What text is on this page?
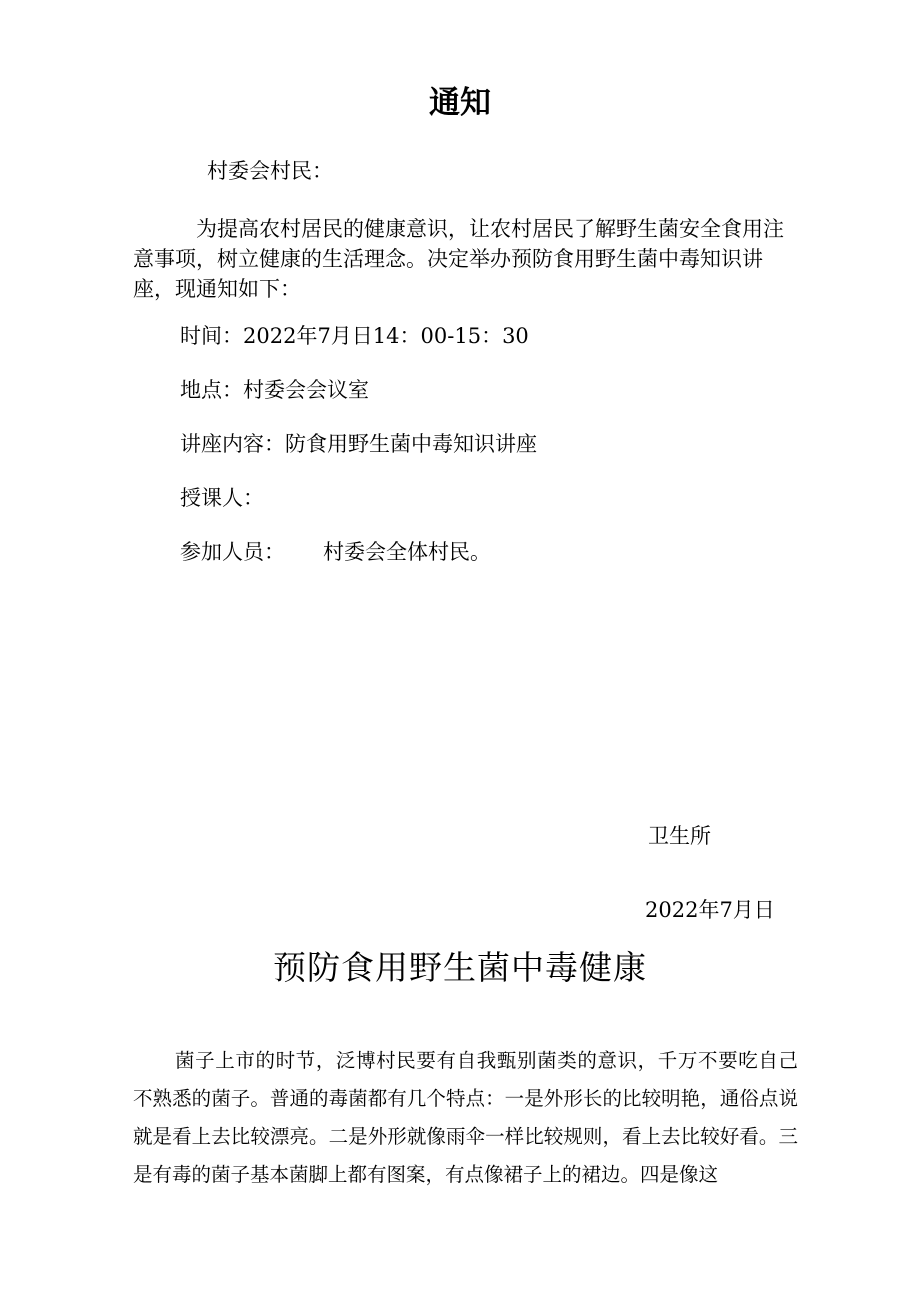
通知
村委会村民：

为提高农村居民的健康意识，让农村居民了解野生菌安全食用注意事项，树立健康的生活理念。决定举办预防食用野生菌中毒知识讲座，现通知如下：

时间：2022年7月日14：00-15：30
地点：村委会会议室
讲座内容：防食用野生菌中毒知识讲座
授课人：
参加人员： 村委会全体村民。
卫生所
2022年7月日
预防食用野生菌中毒健康

菌子上市的时节，泛博村民要有自我甄别菌类的意识，千万不要吃自己不熟悉的菌子。普通的毒菌都有几个特点：一是外形长的比较明艳，通俗点说就是看上去比较漂亮。二是外形就像雨伞一样比较规则，看上去比较好看。三是有毒的菌子基本菌脚上都有图案，有点像裙子上的裙边。四是像这
